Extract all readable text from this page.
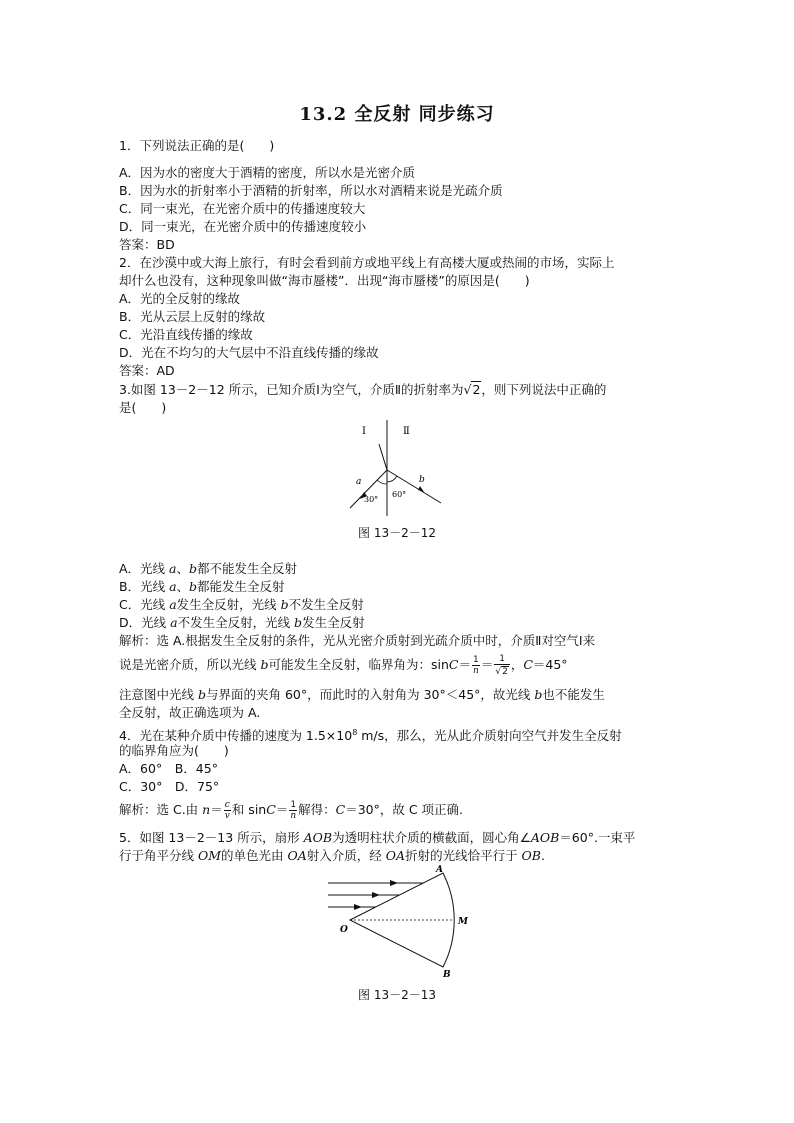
13.2 全反射 同步练习
1．下列说法正确的是(　　)
A．因为水的密度大于酒精的密度，所以水是光密介质
B．因为水的折射率小于酒精的折射率，所以水对酒精来说是光疏介质
C．同一束光，在光密介质中的传播速度较大
D．同一束光，在光密介质中的传播速度较小
答案：BD
2．在沙漠中或大海上旅行，有时会看到前方或地平线上有高楼大厦或热闹的市场，实际上
却什么也没有，这种现象叫做“海市蜃楼”．出现“海市蜃楼”的原因是(　　)
A．光的全反射的缘故
B．光从云层上反射的缘故
C．光沿直线传播的缘故
D．光在不均匀的大气层中不沿直线传播的缘故
答案：AD
3.如图 13－2－12 所示，已知介质Ⅰ为空气，介质Ⅱ的折射率为√2，则下列说法中正确的
是(　　)
Ⅰ	Ⅱ
a	b
30°
60°
图 13－2－12
A．光线 a、b都不能发生全反射
B．光线 a、b都能发生全反射
C．光线 a发生全反射，光线 b不发生全反射
D．光线 a不发生全反射，光线 b发生全反射
解析：选 A.根据发生全反射的条件，光从光密介质射到光疏介质中时，介质Ⅱ对空气Ⅰ来
说是光密介质，所以光线 b可能发生全反射，临界角为：$\sin C= \frac{1}{n} = \frac{1}{√2}$ ，C＝45°
注意图中光线 b与界面的夹角 60°，而此时的入射角为 30°＜45°，故光线 b也不能发生
全反射，故正确选项为 A.
4．光在某种介质中传播的速度为 $1.5\times 10^8$ m/s，那么，光从此介质射向空气并发生全反射
的临界角应为(　　)
A．60°　B．45°
C．30°　D．75°
解析：选 C.由 $n= \frac{c}{v}$ 和 $\sin C= \frac{1}{n}$ 解得：C＝30°，故 C 项正确.
5．如图 13－2－13 所示，扇形 AOB为透明柱状介质的横截面，圆心角∠AOB＝60°.一束平
行于角平分线 OM的单色光由 OA射入介质，经 OA折射的光线恰平行于 OB.
A
O
M
B
图 13－2－13
